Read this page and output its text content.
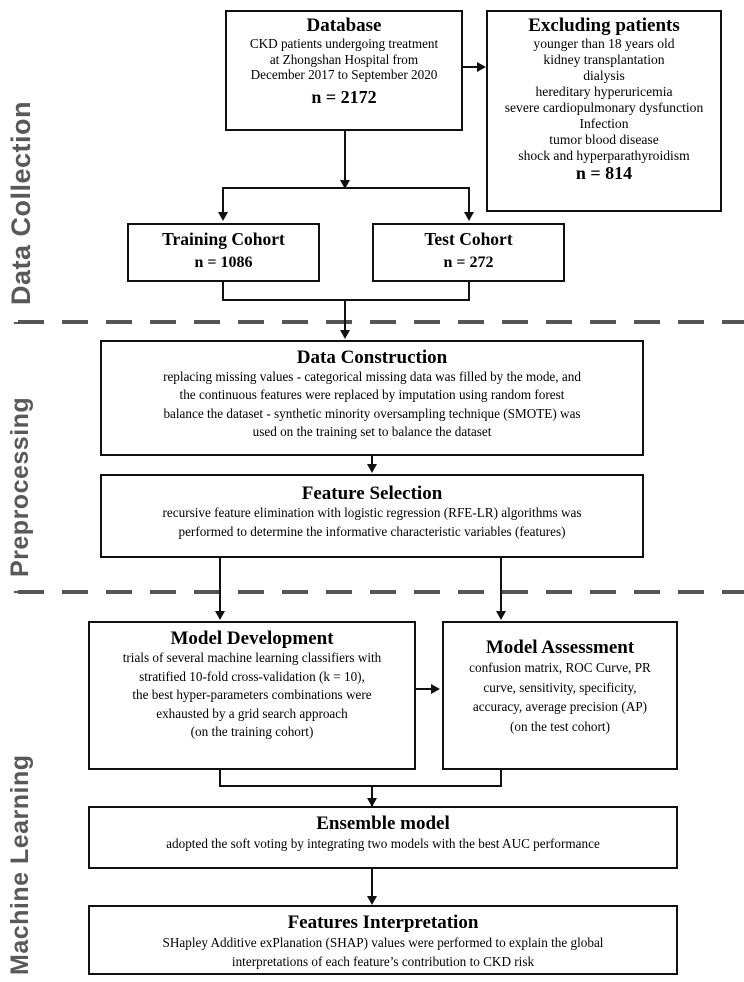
Data Collection
Preprocessing
Machine Learning
Database
CKD patients undergoing treatment
at Zhongshan Hospital from
December 2017 to September 2020
n = 2172
Excluding patients
younger than 18 years old
kidney transplantation
dialysis
hereditary hyperuricemia
severe cardiopulmonary dysfunction
Infection
tumor blood disease
shock and hyperparathyroidism
n = 814
Training Cohort
n = 1086
Test Cohort
n = 272
Data Construction
replacing missing values - categorical missing data was filled by the mode, and
the continuous features were replaced by imputation using random forest
balance the dataset - synthetic minority oversampling technique (SMOTE) was
used on the training set to balance the dataset
Feature Selection
recursive feature elimination with logistic regression (RFE-LR) algorithms was
performed to determine the informative characteristic variables (features)
Model Development
trials of several machine learning classifiers with
stratified 10-fold cross-validation (k = 10),
the best hyper-parameters combinations were
exhausted by a grid search approach
(on the training cohort)
Model Assessment
confusion matrix, ROC Curve, PR
curve, sensitivity, specificity,
accuracy, average precision (AP)
(on the test cohort)
Ensemble model
adopted the soft voting by integrating two models with the best AUC performance
Features Interpretation
SHapley Additive exPlanation (SHAP) values were performed to explain the global
interpretations of each feature’s contribution to CKD risk
